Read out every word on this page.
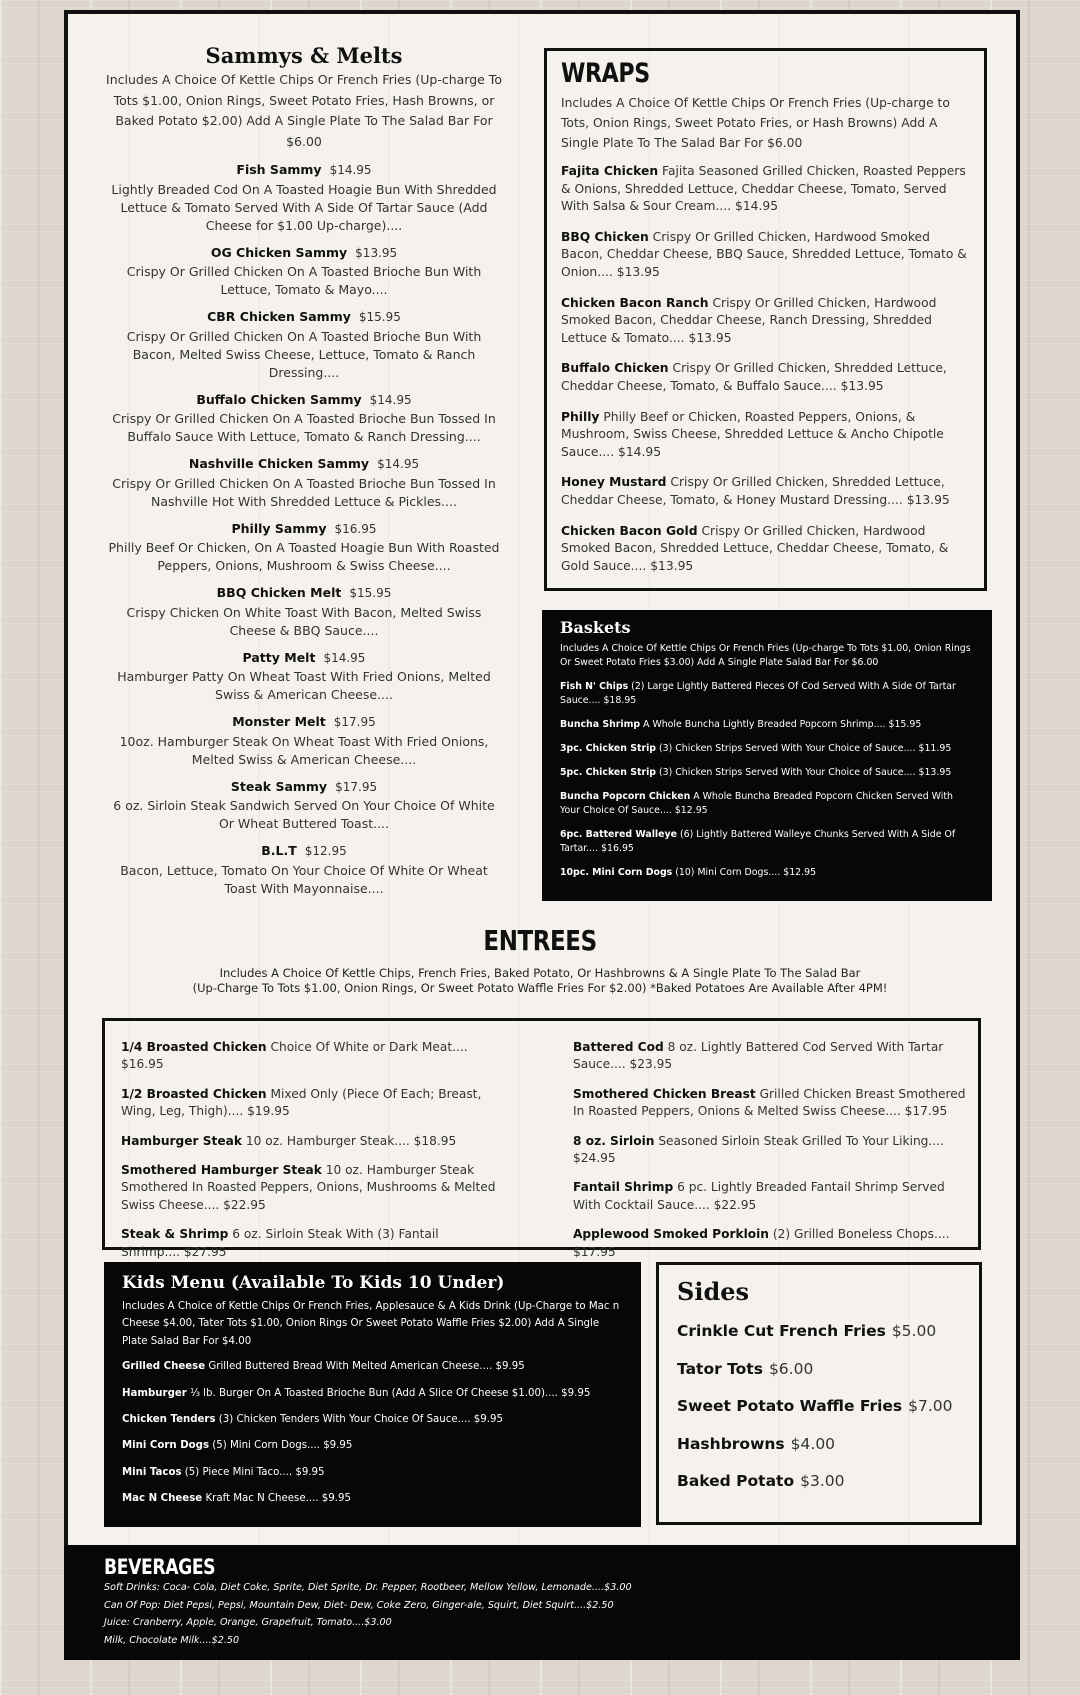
Sammys & Melts
Includes A Choice Of Kettle Chips Or French Fries (Up-charge To Tots $1.00, Onion Rings, Sweet Potato Fries, Hash Browns, or Baked Potato $2.00) Add A Single Plate To The Salad Bar For $6.00
Fish Sammy $14.95
Lightly Breaded Cod On A Toasted Hoagie Bun With Shredded Lettuce & Tomato Served With A Side Of Tartar Sauce (Add Cheese for $1.00 Up-charge)....
OG Chicken Sammy $13.95
Crispy Or Grilled Chicken On A Toasted Brioche Bun With Lettuce, Tomato & Mayo....
CBR Chicken Sammy $15.95
Crispy Or Grilled Chicken On A Toasted Brioche Bun With Bacon, Melted Swiss Cheese, Lettuce, Tomato & Ranch Dressing....
Buffalo Chicken Sammy $14.95
Crispy Or Grilled Chicken On A Toasted Brioche Bun Tossed In Buffalo Sauce With Lettuce, Tomato & Ranch Dressing....
Nashville Chicken Sammy $14.95
Crispy Or Grilled Chicken On A Toasted Brioche Bun Tossed In Nashville Hot With Shredded Lettuce & Pickles....
Philly Sammy $16.95
Philly Beef Or Chicken, On A Toasted Hoagie Bun With Roasted Peppers, Onions, Mushroom & Swiss Cheese....
BBQ Chicken Melt $15.95
Crispy Chicken On White Toast With Bacon, Melted Swiss Cheese & BBQ Sauce....
Patty Melt $14.95
Hamburger Patty On Wheat Toast With Fried Onions, Melted Swiss & American Cheese....
Monster Melt $17.95
10oz. Hamburger Steak On Wheat Toast With Fried Onions, Melted Swiss & American Cheese....
Steak Sammy $17.95
6 oz. Sirloin Steak Sandwich Served On Your Choice Of White Or Wheat Buttered Toast....
B.L.T $12.95
Bacon, Lettuce, Tomato On Your Choice Of White Or Wheat Toast With Mayonnaise....
WRAPS
Includes A Choice Of Kettle Chips Or French Fries (Up-charge to Tots, Onion Rings, Sweet Potato Fries, or Hash Browns) Add A Single Plate To The Salad Bar For $6.00
Fajita Chicken Fajita Seasoned Grilled Chicken, Roasted Peppers & Onions, Shredded Lettuce, Cheddar Cheese, Tomato, Served With Salsa & Sour Cream.... $14.95
BBQ Chicken Crispy Or Grilled Chicken, Hardwood Smoked Bacon, Cheddar Cheese, BBQ Sauce, Shredded Lettuce, Tomato & Onion.... $13.95
Chicken Bacon Ranch Crispy Or Grilled Chicken, Hardwood Smoked Bacon, Cheddar Cheese, Ranch Dressing, Shredded Lettuce & Tomato.... $13.95
Buffalo Chicken Crispy Or Grilled Chicken, Shredded Lettuce, Cheddar Cheese, Tomato, & Buffalo Sauce.... $13.95
Philly Philly Beef or Chicken, Roasted Peppers, Onions, & Mushroom, Swiss Cheese, Shredded Lettuce & Ancho Chipotle Sauce.... $14.95
Honey Mustard Crispy Or Grilled Chicken, Shredded Lettuce, Cheddar Cheese, Tomato, & Honey Mustard Dressing.... $13.95
Chicken Bacon Gold Crispy Or Grilled Chicken, Hardwood Smoked Bacon, Shredded Lettuce, Cheddar Cheese, Tomato, & Gold Sauce.... $13.95
Baskets
Includes A Choice Of Kettle Chips Or French Fries (Up-charge To Tots $1.00, Onion Rings Or Sweet Potato Fries $3.00) Add A Single Plate Salad Bar For $6.00
Fish N' Chips (2) Large Lightly Battered Pieces Of Cod Served With A Side Of Tartar Sauce.... $18.95
Buncha Shrimp A Whole Buncha Lightly Breaded Popcorn Shrimp.... $15.95
3pc. Chicken Strip (3) Chicken Strips Served With Your Choice of Sauce.... $11.95
5pc. Chicken Strip (3) Chicken Strips Served With Your Choice of Sauce.... $13.95
Buncha Popcorn Chicken A Whole Buncha Breaded Popcorn Chicken Served With Your Choice Of Sauce.... $12.95
6pc. Battered Walleye (6) Lightly Battered Walleye Chunks Served With A Side Of Tartar.... $16.95
10pc. Mini Corn Dogs (10) Mini Corn Dogs.... $12.95
ENTREES
Includes A Choice Of Kettle Chips, French Fries, Baked Potato, Or Hashbrowns & A Single Plate To The Salad Bar
(Up-Charge To Tots $1.00, Onion Rings, Or Sweet Potato Waffle Fries For $2.00) *Baked Potatoes Are Available After 4PM!
1/4 Broasted Chicken Choice Of White or Dark Meat.... $16.95
1/2 Broasted Chicken Mixed Only (Piece Of Each; Breast, Wing, Leg, Thigh).... $19.95
Hamburger Steak 10 oz. Hamburger Steak.... $18.95
Smothered Hamburger Steak 10 oz. Hamburger Steak Smothered In Roasted Peppers, Onions, Mushrooms & Melted Swiss Cheese.... $22.95
Steak & Shrimp 6 oz. Sirloin Steak With (3) Fantail Shrimp.... $27.95
Battered Cod 8 oz. Lightly Battered Cod Served With Tartar Sauce.... $23.95
Smothered Chicken Breast Grilled Chicken Breast Smothered In Roasted Peppers, Onions & Melted Swiss Cheese.... $17.95
8 oz. Sirloin Seasoned Sirloin Steak Grilled To Your Liking.... $24.95
Fantail Shrimp 6 pc. Lightly Breaded Fantail Shrimp Served With Cocktail Sauce.... $22.95
Applewood Smoked Porkloin (2) Grilled Boneless Chops.... $17.95
Kids Menu (Available To Kids 10 Under)
Includes A Choice of Kettle Chips Or French Fries, Applesauce & A Kids Drink (Up-Charge to Mac n Cheese $4.00, Tater Tots $1.00, Onion Rings Or Sweet Potato Waffle Fries $2.00) Add A Single Plate Salad Bar For $4.00
Grilled Cheese Grilled Buttered Bread With Melted American Cheese.... $9.95
Hamburger ⅓ lb. Burger On A Toasted Brioche Bun (Add A Slice Of Cheese $1.00).... $9.95
Chicken Tenders (3) Chicken Tenders With Your Choice Of Sauce.... $9.95
Mini Corn Dogs (5) Mini Corn Dogs.... $9.95
Mini Tacos (5) Piece Mini Taco.... $9.95
Mac N Cheese Kraft Mac N Cheese.... $9.95
Sides
Crinkle Cut French Fries $5.00
Tator Tots $6.00
Sweet Potato Waffle Fries $7.00
Hashbrowns $4.00
Baked Potato $3.00
BEVERAGES
Soft Drinks: Coca- Cola, Diet Coke, Sprite, Diet Sprite, Dr. Pepper, Rootbeer, Mellow Yellow, Lemonade....$3.00
Can Of Pop: Diet Pepsi, Pepsi, Mountain Dew, Diet- Dew, Coke Zero, Ginger-ale, Squirt, Diet Squirt....$2.50
Juice: Cranberry, Apple, Orange, Grapefruit, Tomato....$3.00
Milk, Chocolate Milk....$2.50
